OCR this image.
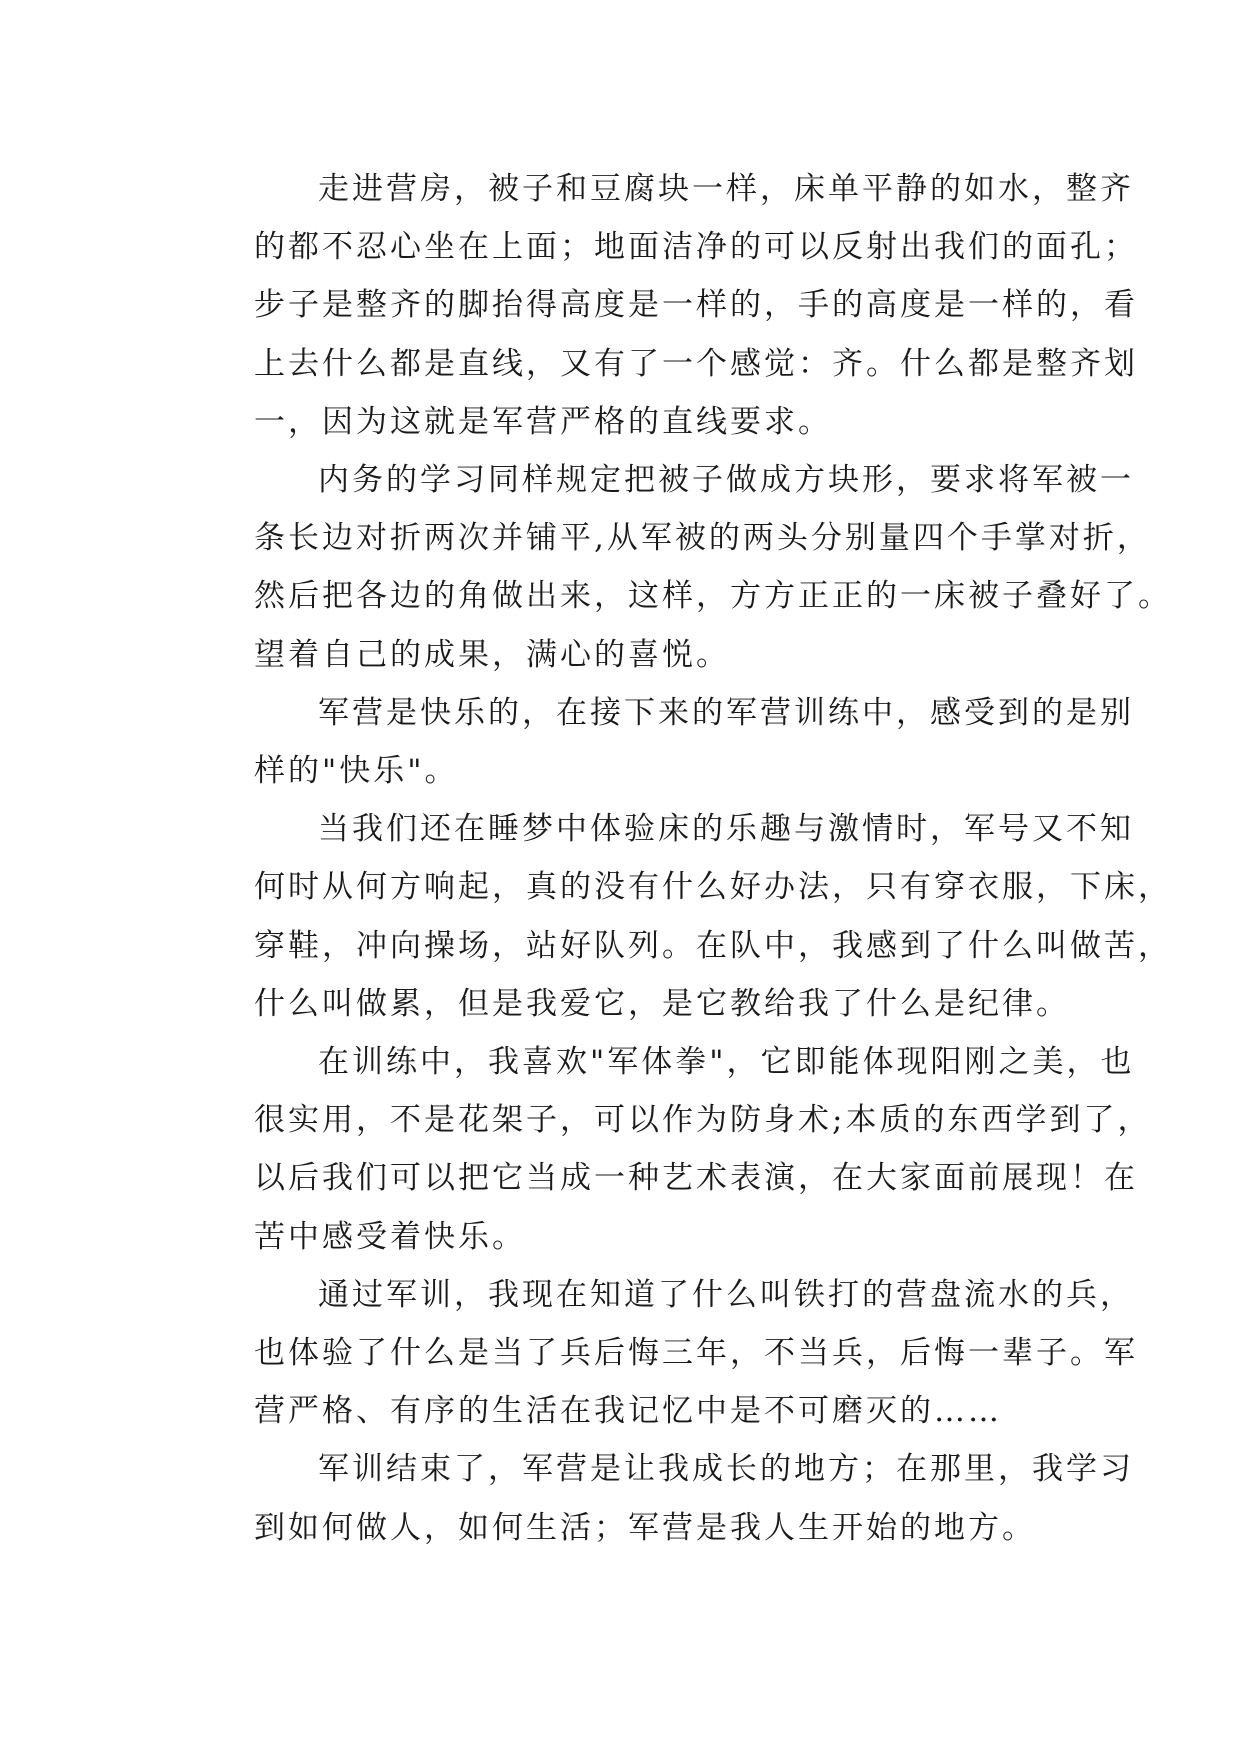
走进营房，被子和豆腐块一样，床单平静的如水，整齐
的都不忍心坐在上面；地面洁净的可以反射出我们的面孔；
步子是整齐的脚抬得高度是一样的，手的高度是一样的，看
上去什么都是直线，又有了一个感觉：齐。什么都是整齐划
一，因为这就是军营严格的直线要求。
内务的学习同样规定把被子做成方块形，要求将军被一
条长边对折两次并铺平,从军被的两头分别量四个手掌对折，
然后把各边的角做出来，这样，方方正正的一床被子叠好了。
望着自己的成果，满心的喜悦。
军营是快乐的，在接下来的军营训练中，感受到的是别
样的"快乐"。
当我们还在睡梦中体验床的乐趣与激情时，军号又不知
何时从何方响起，真的没有什么好办法，只有穿衣服，下床，
穿鞋，冲向操场，站好队列。在队中，我感到了什么叫做苦，
什么叫做累，但是我爱它，是它教给我了什么是纪律。
在训练中，我喜欢"军体拳"，它即能体现阳刚之美，也
很实用，不是花架子，可以作为防身术;本质的东西学到了，
以后我们可以把它当成一种艺术表演，在大家面前展现！在
苦中感受着快乐。
通过军训，我现在知道了什么叫铁打的营盘流水的兵，
也体验了什么是当了兵后悔三年，不当兵，后悔一辈子。军
营严格、有序的生活在我记忆中是不可磨灭的……
军训结束了，军营是让我成长的地方；在那里，我学习
到如何做人，如何生活；军营是我人生开始的地方。
